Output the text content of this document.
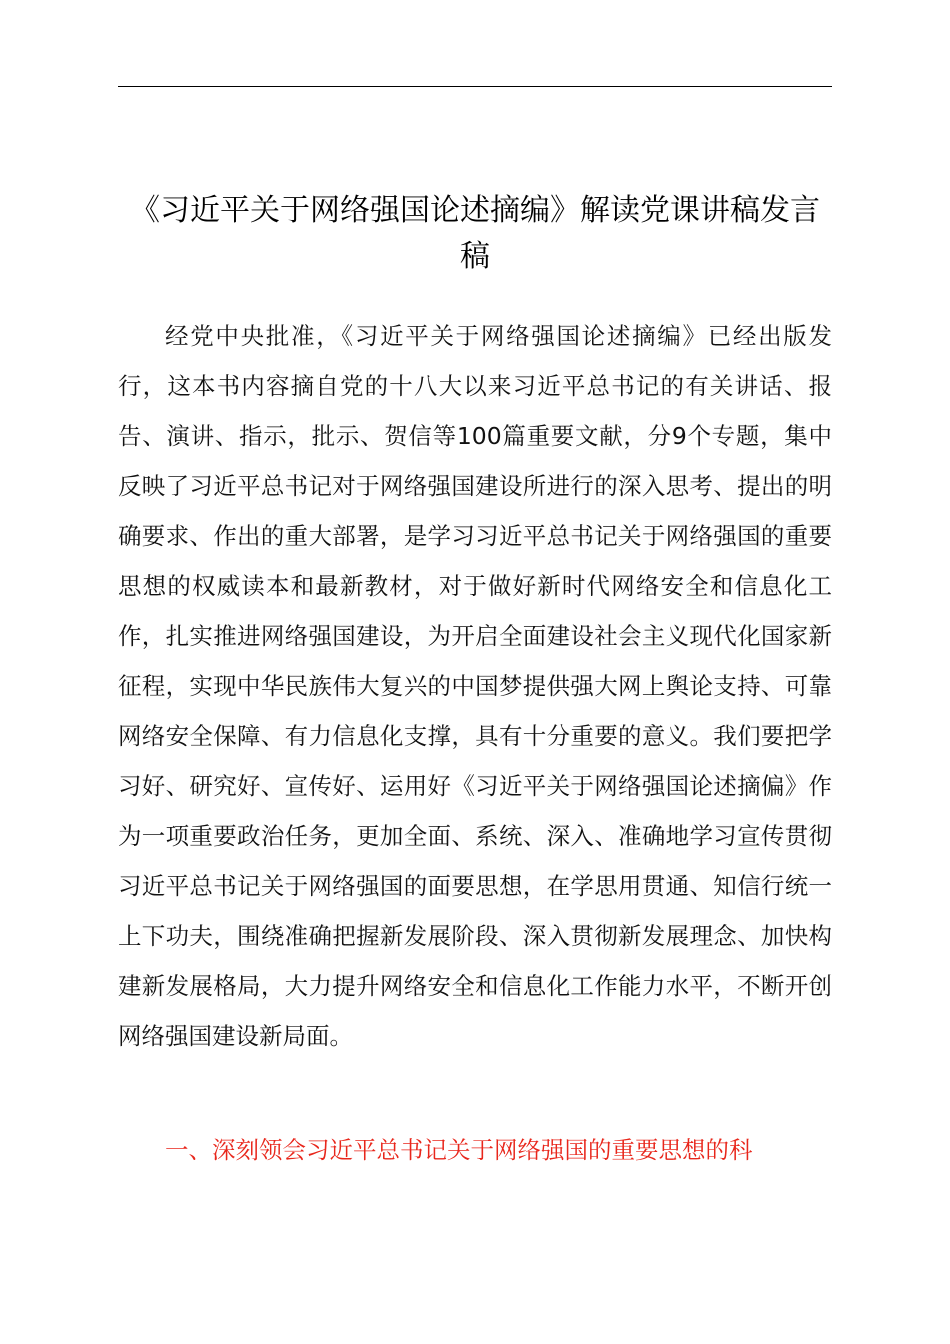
《习近平关于网络强国论述摘编》解读党课讲稿发言稿

经党中央批准，《习近平关于网络强国论述摘编》已经出版发行，这本书内容摘自党的十八大以来习近平总书记的有关讲话、报告、演讲、指示，批示、贺信等100篇重要文献，分9个专题，集中反映了习近平总书记对于网络强国建设所进行的深入思考、提出的明确要求、作出的重大部署，是学习习近平总书记关于网络强国的重要思想的权威读本和最新教材，对于做好新时代网络安全和信息化工作，扎实推进网络强国建设，为开启全面建设社会主义现代化国家新征程，实现中华民族伟大复兴的中国梦提供强大网上舆论支持、可靠网络安全保障、有力信息化支撑，具有十分重要的意义。我们要把学习好、研究好、宣传好、运用好《习近平关于网络强国论述摘偏》作为一项重要政治任务，更加全面、系统、深入、准确地学习宣传贯彻习近平总书记关于网络强国的面要思想，在学思用贯通、知信行统一上下功夫，围绕准确把握新发展阶段、深入贯彻新发展理念、加快构建新发展格局，大力提升网络安全和信息化工作能力水平，不断开创网络强国建设新局面。

一、深刻领会习近平总书记关于网络强国的重要思想的科
